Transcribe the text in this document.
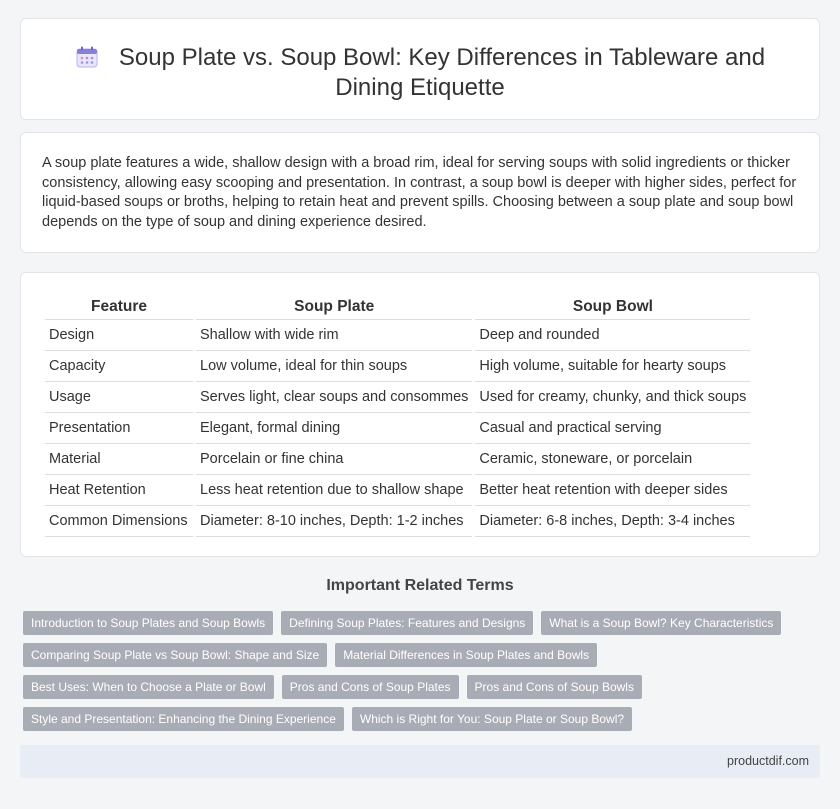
Soup Plate vs. Soup Bowl: Key Differences in Tableware and Dining Etiquette

A soup plate features a wide, shallow design with a broad rim, ideal for serving soups with solid ingredients or thicker consistency, allowing easy scooping and presentation. In contrast, a soup bowl is deeper with higher sides, perfect for liquid-based soups or broths, helping to retain heat and prevent spills. Choosing between a soup plate and soup bowl depends on the type of soup and dining experience desired.

Feature	Soup Plate	Soup Bowl
Design	Shallow with wide rim	Deep and rounded
Capacity	Low volume, ideal for thin soups	High volume, suitable for hearty soups
Usage	Serves light, clear soups and consommes	Used for creamy, chunky, and thick soups
Presentation	Elegant, formal dining	Casual and practical serving
Material	Porcelain or fine china	Ceramic, stoneware, or porcelain
Heat Retention	Less heat retention due to shallow shape	Better heat retention with deeper sides
Common Dimensions	Diameter: 8-10 inches, Depth: 1-2 inches	Diameter: 6-8 inches, Depth: 3-4 inches
Important Related Terms
Introduction to Soup Plates and Soup Bowls	Defining Soup Plates: Features and Designs	What is a Soup Bowl? Key Characteristics
Comparing Soup Plate vs Soup Bowl: Shape and Size	Material Differences in Soup Plates and Bowls
Best Uses: When to Choose a Plate or Bowl	Pros and Cons of Soup Plates	Pros and Cons of Soup Bowls
Style and Presentation: Enhancing the Dining Experience	Which is Right for You: Soup Plate or Soup Bowl?
productdif.com
